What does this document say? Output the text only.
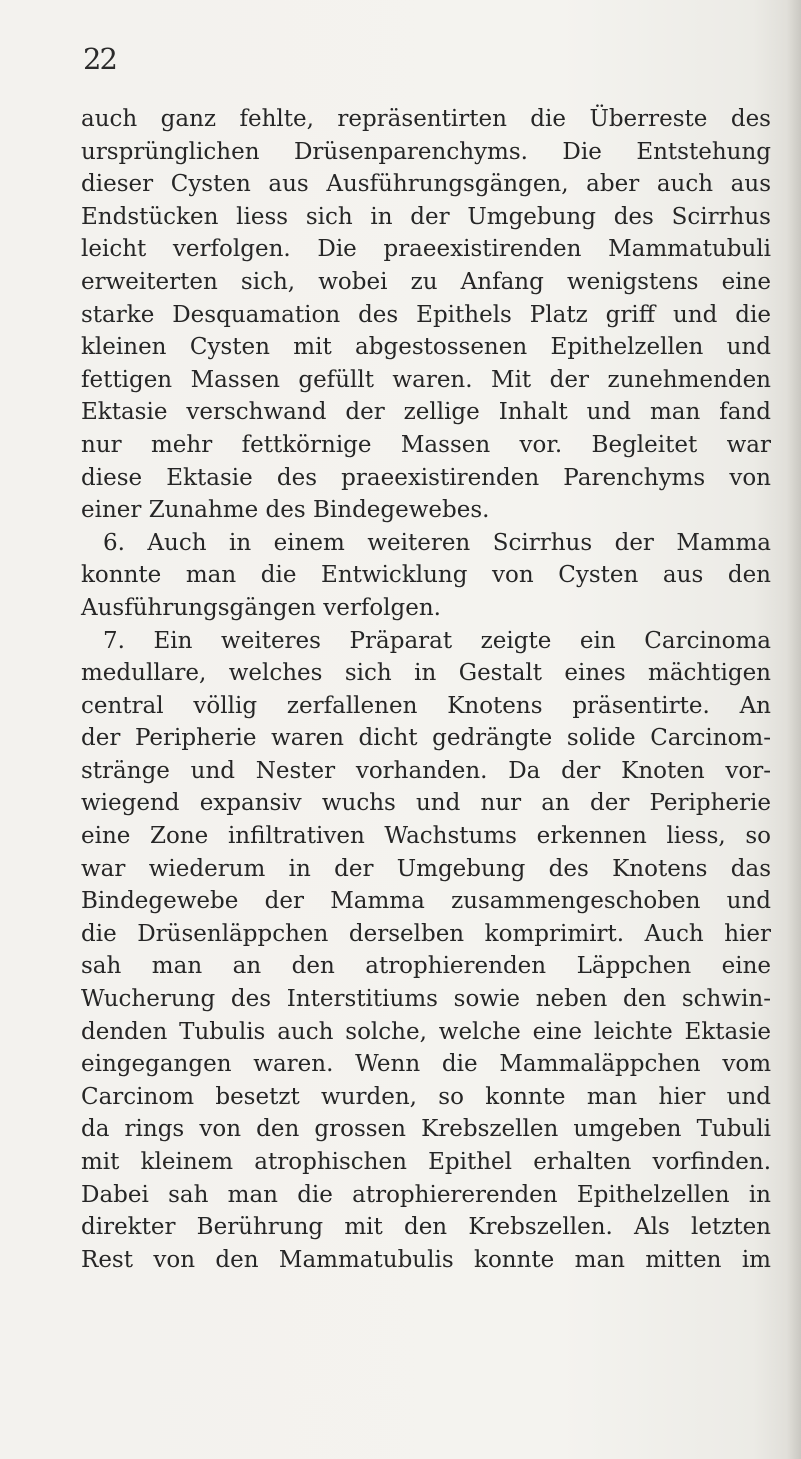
22
auch ganz fehlte, repräsentirten die Überreste des
ursprünglichen Drüsenparenchyms. Die Entstehung
dieser Cysten aus Ausführungsgängen, aber auch aus
Endstücken liess sich in der Umgebung des Scirrhus
leicht verfolgen. Die praeexistirenden Mammatubuli
erweiterten sich, wobei zu Anfang wenigstens eine
starke Desquamation des Epithels Platz griff und die
kleinen Cysten mit abgestossenen Epithelzellen und
fettigen Massen gefüllt waren. Mit der zunehmenden
Ektasie verschwand der zellige Inhalt und man fand
nur mehr fettkörnige Massen vor. Begleitet war
diese Ektasie des praeexistirenden Parenchyms von
einer Zunahme des Bindegewebes.
6. Auch in einem weiteren Scirrhus der Mamma
konnte man die Entwicklung von Cysten aus den
Ausführungsgängen verfolgen.
7. Ein weiteres Präparat zeigte ein Carcinoma
medullare, welches sich in Gestalt eines mächtigen
central völlig zerfallenen Knotens präsentirte. An
der Peripherie waren dicht gedrängte solide Carcinom-
stränge und Nester vorhanden. Da der Knoten vor-
wiegend expansiv wuchs und nur an der Peripherie
eine Zone infiltrativen Wachstums erkennen liess, so
war wiederum in der Umgebung des Knotens das
Bindegewebe der Mamma zusammengeschoben und
die Drüsenläppchen derselben komprimirt. Auch hier
sah man an den atrophierenden Läppchen eine
Wucherung des Interstitiums sowie neben den schwin-
denden Tubulis auch solche, welche eine leichte Ektasie
eingegangen waren. Wenn die Mammaläppchen vom
Carcinom besetzt wurden, so konnte man hier und
da rings von den grossen Krebszellen umgeben Tubuli
mit kleinem atrophischen Epithel erhalten vorfinden.
Dabei sah man die atrophiererenden Epithelzellen in
direkter Berührung mit den Krebszellen. Als letzten
Rest von den Mammatubulis konnte man mitten im
